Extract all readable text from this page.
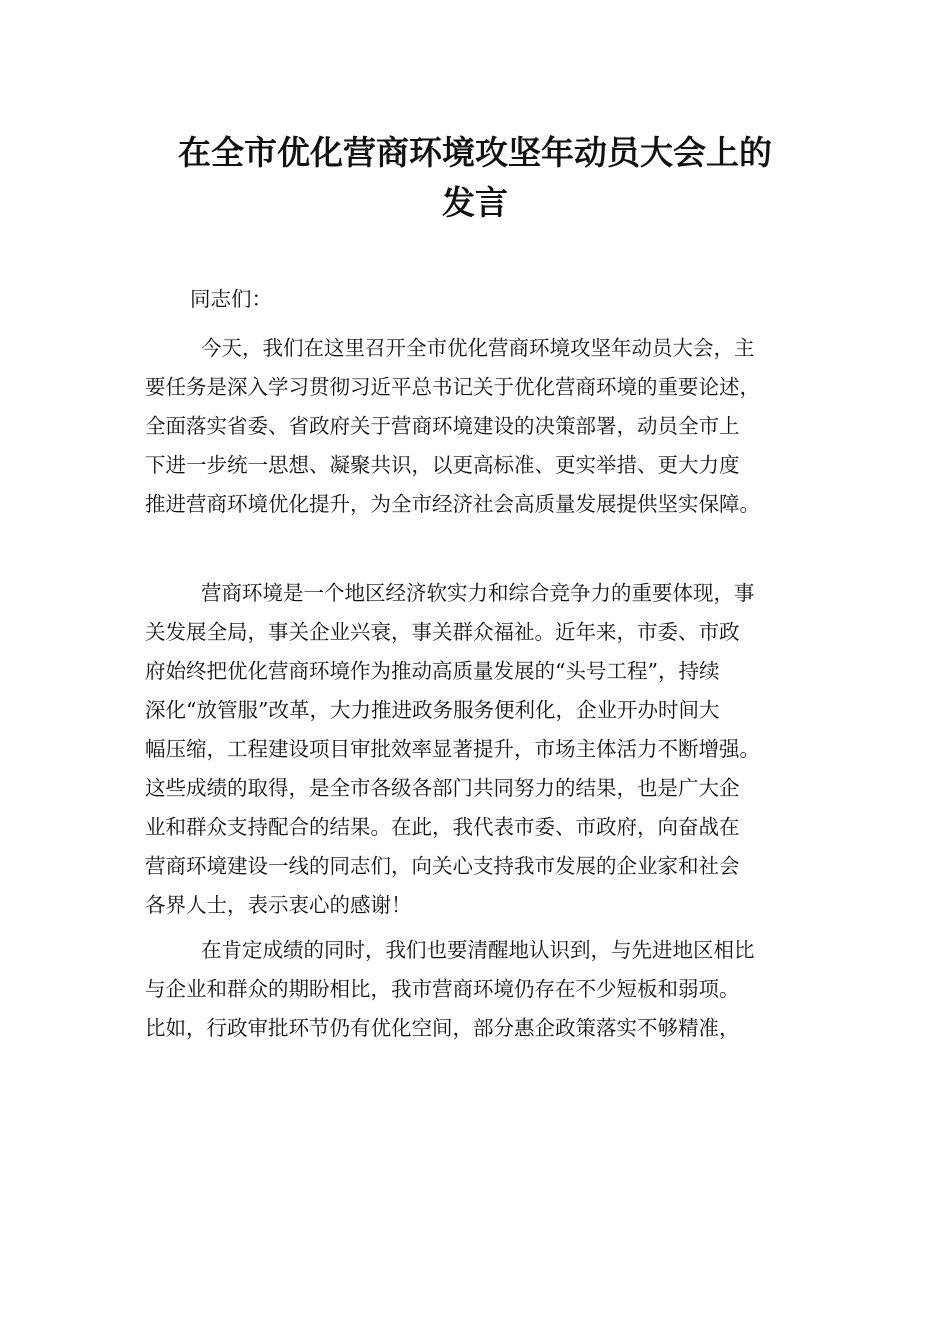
在全市优化营商环境攻坚年动员大会上的
发言
同志们：
今天，我们在这里召开全市优化营商环境攻坚年动员大会，主
要任务是深入学习贯彻习近平总书记关于优化营商环境的重要论述，
全面落实省委、省政府关于营商环境建设的决策部署，动员全市上
下进一步统一思想、凝聚共识，以更高标准、更实举措、更大力度
推进营商环境优化提升，为全市经济社会高质量发展提供坚实保障。
营商环境是一个地区经济软实力和综合竞争力的重要体现，事
关发展全局，事关企业兴衰，事关群众福祉。近年来，市委、市政
府始终把优化营商环境作为推动高质量发展的“头号工程”，持续
深化“放管服”改革，大力推进政务服务便利化，企业开办时间大
幅压缩，工程建设项目审批效率显著提升，市场主体活力不断增强。
这些成绩的取得，是全市各级各部门共同努力的结果，也是广大企
业和群众支持配合的结果。在此，我代表市委、市政府，向奋战在
营商环境建设一线的同志们，向关心支持我市发展的企业家和社会
各界人士，表示衷心的感谢！
在肯定成绩的同时，我们也要清醒地认识到，与先进地区相比
与企业和群众的期盼相比，我市营商环境仍存在不少短板和弱项。
比如，行政审批环节仍有优化空间，部分惠企政策落实不够精准，
